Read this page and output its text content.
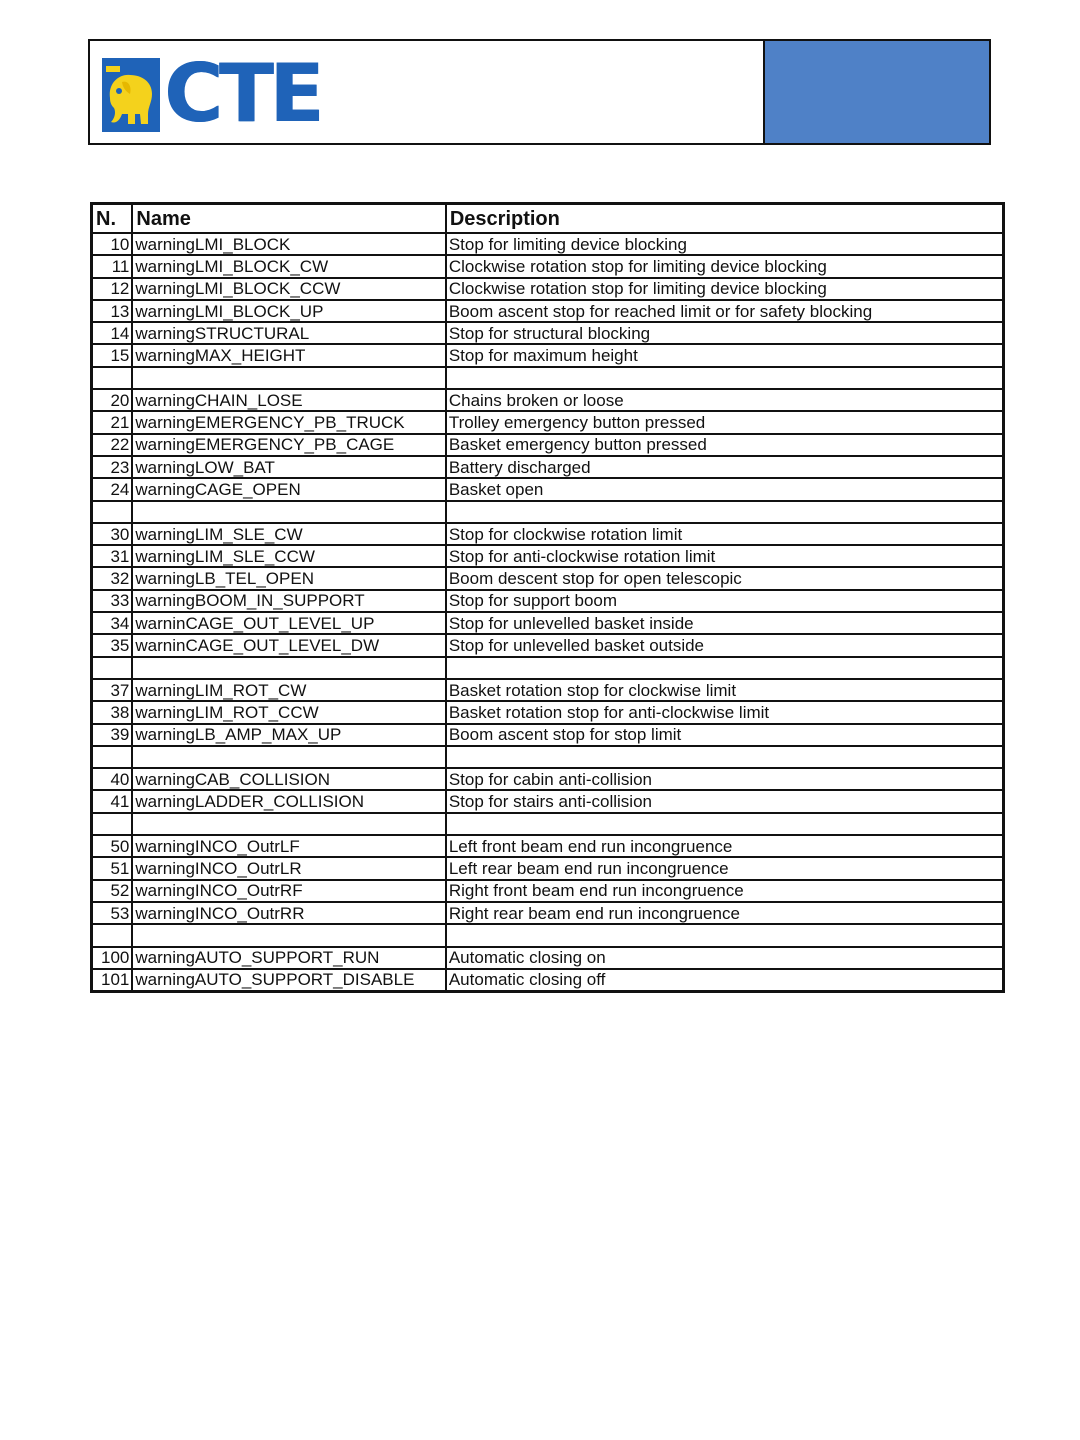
CTE
N.	Name	Description
10	warningLMI_BLOCK	Stop for limiting device blocking
11	warningLMI_BLOCK_CW	Clockwise rotation stop for limiting device blocking
12	warningLMI_BLOCK_CCW	Clockwise rotation stop for limiting device blocking
13	warningLMI_BLOCK_UP	Boom ascent stop for reached limit or for safety blocking
14	warningSTRUCTURAL	Stop for structural blocking
15	warningMAX_HEIGHT	Stop for maximum height

20	warningCHAIN_LOSE	Chains broken or loose
21	warningEMERGENCY_PB_TRUCK	Trolley emergency button pressed
22	warningEMERGENCY_PB_CAGE	Basket emergency button pressed
23	warningLOW_BAT	Battery discharged
24	warningCAGE_OPEN	Basket open

30	warningLIM_SLE_CW	Stop for clockwise rotation limit
31	warningLIM_SLE_CCW	Stop for anti-clockwise rotation limit
32	warningLB_TEL_OPEN	Boom descent stop for open telescopic
33	warningBOOM_IN_SUPPORT	Stop for support boom
34	warninCAGE_OUT_LEVEL_UP	Stop for unlevelled basket inside
35	warninCAGE_OUT_LEVEL_DW	Stop for unlevelled basket outside

37	warningLIM_ROT_CW	Basket rotation stop for clockwise limit
38	warningLIM_ROT_CCW	Basket rotation stop for anti-clockwise limit
39	warningLB_AMP_MAX_UP	Boom ascent stop for stop limit

40	warningCAB_COLLISION	Stop for cabin anti-collision
41	warningLADDER_COLLISION	Stop for stairs anti-collision

50	warningINCO_OutrLF	Left front beam end run incongruence
51	warningINCO_OutrLR	Left rear beam end run incongruence
52	warningINCO_OutrRF	Right front beam end run incongruence
53	warningINCO_OutrRR	Right rear beam end run incongruence

100	warningAUTO_SUPPORT_RUN	Automatic closing on
101	warningAUTO_SUPPORT_DISABLE	Automatic closing off
